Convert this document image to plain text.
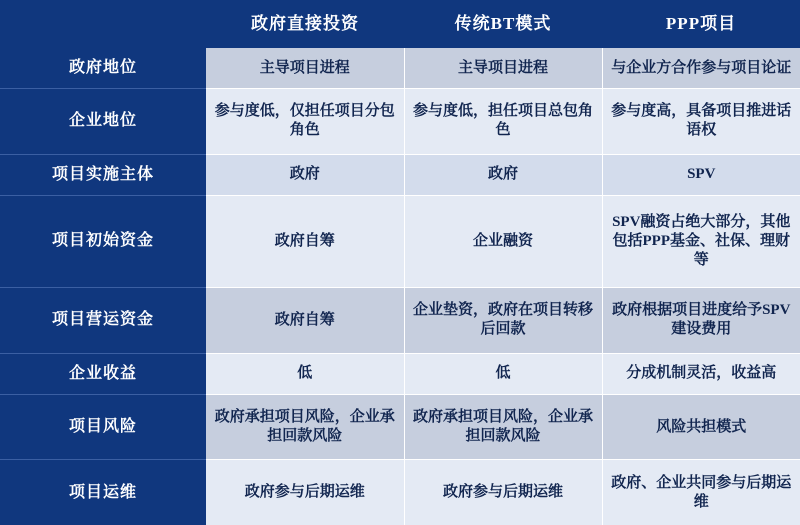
	政府直接投资	传统BT模式	PPP项目
政府地位	主导项目进程	主导项目进程	与企业方合作参与项目论证
企业地位	参与度低，仅担任项目分包角色	参与度低，担任项目总包角色	参与度高，具备项目推进话语权
项目实施主体	政府	政府	SPV
项目初始资金	政府自筹	企业融资	SPV融资占绝大部分，其他包括PPP基金、社保、理财等
项目营运资金	政府自筹	企业垫资，政府在项目转移后回款	政府根据项目进度给予SPV建设费用
企业收益	低	低	分成机制灵活，收益高
项目风险	政府承担项目风险，企业承担回款风险	政府承担项目风险，企业承担回款风险	风险共担模式
项目运维	政府参与后期运维	政府参与后期运维	政府、企业共同参与后期运维
